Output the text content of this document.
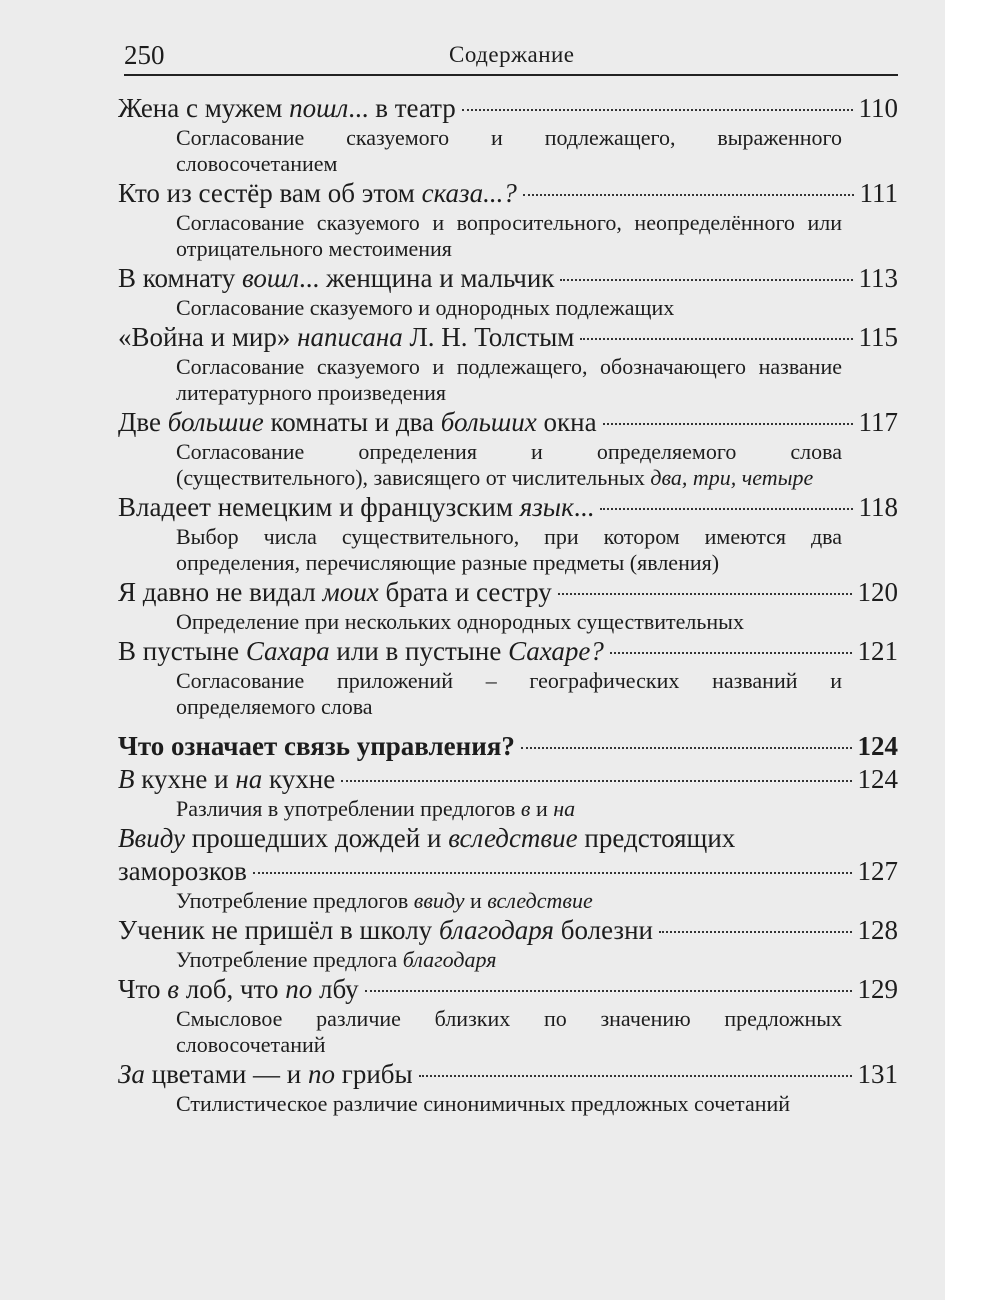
250	Содержание
Жена с мужем пошл... в театр	110
Согласование сказуемого и подлежащего, выраженного словосочетанием
Кто из сестёр вам об этом сказа...?	111
Согласование сказуемого и вопросительного, неопределённого или отрицательного местоимения
В комнату вошл... женщина и мальчик	113
Согласование сказуемого и однородных подлежащих
«Война и мир» написана Л. Н. Толстым	115
Согласование сказуемого и подлежащего, обозначающего название литературного произведения
Две большие комнаты и два больших окна	117
Согласование определения и определяемого слова (существительного), зависящего от числительных два, три, четыре
Владеет немецким и французским язык...	118
Выбор числа существительного, при котором имеются два определения, перечисляющие разные предметы (явления)
Я давно не видал моих брата и сестру	120
Определение при нескольких однородных существительных
В пустыне Сахара или в пустыне Сахаре?	121
Согласование приложений – географических названий и определяемого слова
Что означает связь управления?	124
В кухне и на кухне	124
Различия в употреблении предлогов в и на
Ввиду прошедших дождей и вследствие предстоящих
заморозков	127
Употребление предлогов ввиду и вследствие
Ученик не пришёл в школу благодаря болезни	128
Употребление предлога благодаря
Что в лоб, что по лбу	129
Смысловое различие близких по значению предложных словосочетаний
За цветами — и по грибы	131
Стилистическое различие синонимичных предложных сочетаний
